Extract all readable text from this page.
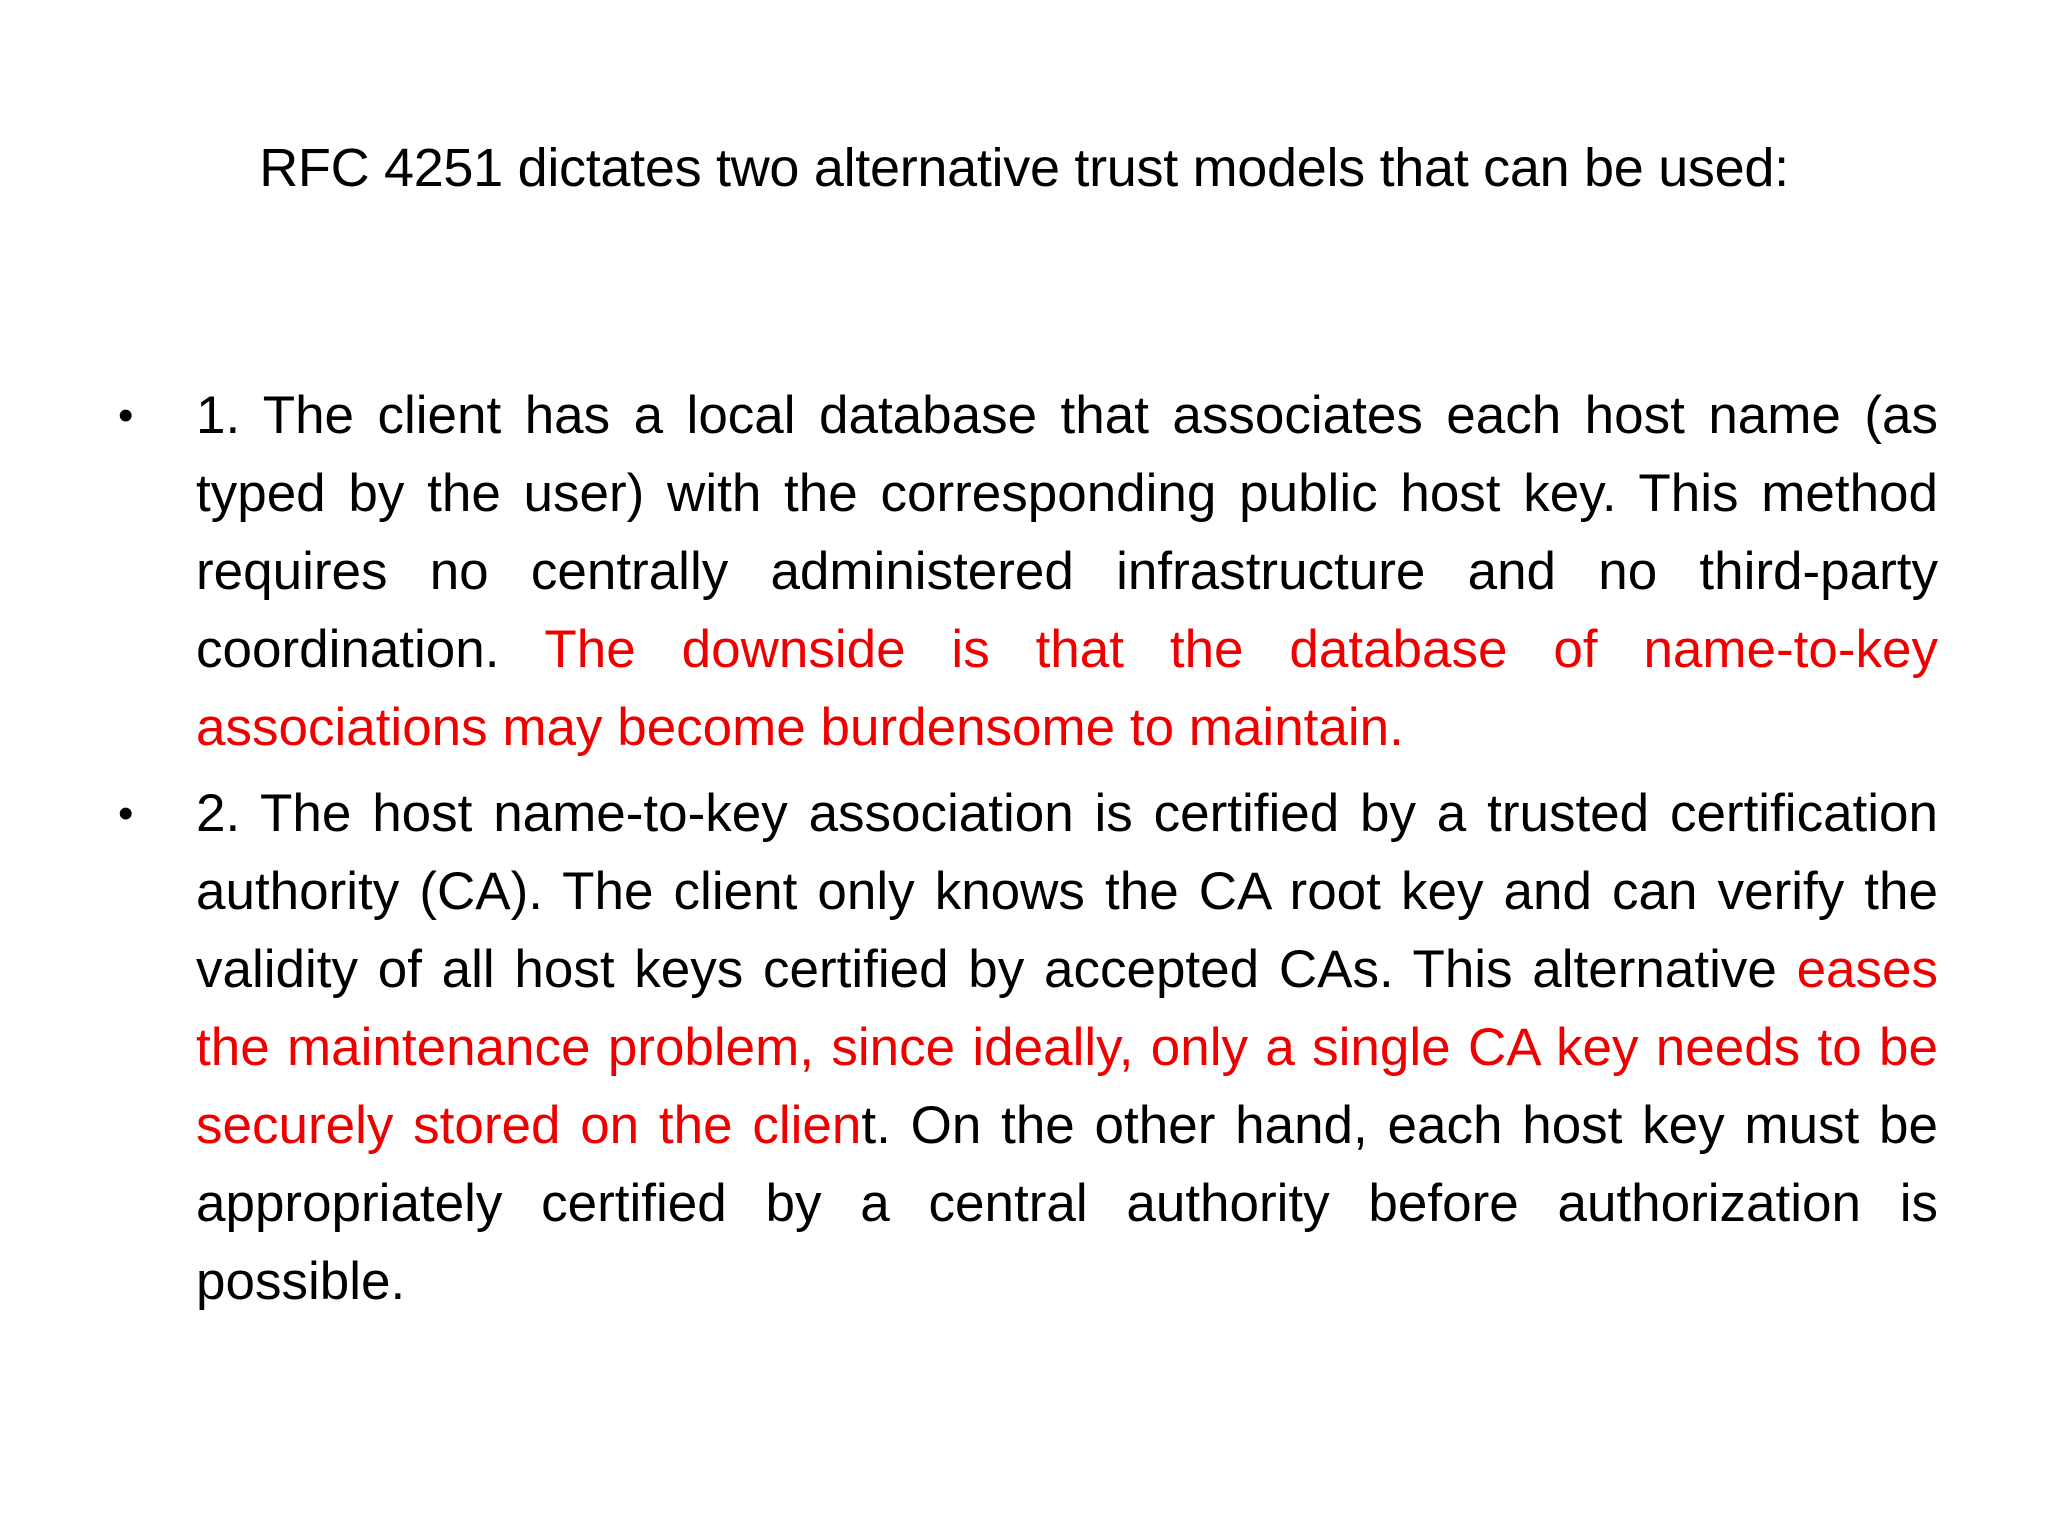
RFC 4251 dictates two alternative trust models that can be used:
• 1. The client has a local database that associates each host name (as typed by the user) with the corresponding public host key. This method requires no centrally administered infrastructure and no third-party coordination. The downside is that the database of name-to-key associations may become burdensome to maintain.
• 2. The host name-to-key association is certified by a trusted certification authority (CA). The client only knows the CA root key and can verify the validity of all host keys certified by accepted CAs. This alternative eases the maintenance problem, since ideally, only a single CA key needs to be securely stored on the client. On the other hand, each host key must be appropriately certified by a central authority before authorization is possible.
